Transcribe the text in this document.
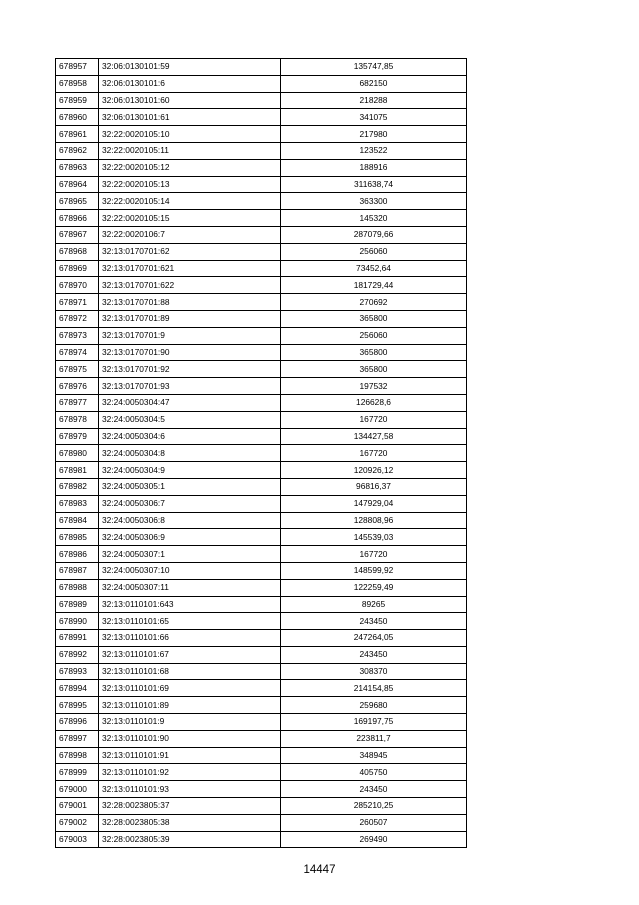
678957	32:06:0130101:59	135747,85
678958	32:06:0130101:6	682150
678959	32:06:0130101:60	218288
678960	32:06:0130101:61	341075
678961	32:22:0020105:10	217980
678962	32:22:0020105:11	123522
678963	32:22:0020105:12	188916
678964	32:22:0020105:13	311638,74
678965	32:22:0020105:14	363300
678966	32:22:0020105:15	145320
678967	32:22:0020106:7	287079,66
678968	32:13:0170701:62	256060
678969	32:13:0170701:621	73452,64
678970	32:13:0170701:622	181729,44
678971	32:13:0170701:88	270692
678972	32:13:0170701:89	365800
678973	32:13:0170701:9	256060
678974	32:13:0170701:90	365800
678975	32:13:0170701:92	365800
678976	32:13:0170701:93	197532
678977	32:24:0050304:47	126628,6
678978	32:24:0050304:5	167720
678979	32:24:0050304:6	134427,58
678980	32:24:0050304:8	167720
678981	32:24:0050304:9	120926,12
678982	32:24:0050305:1	96816,37
678983	32:24:0050306:7	147929,04
678984	32:24:0050306:8	128808,96
678985	32:24:0050306:9	145539,03
678986	32:24:0050307:1	167720
678987	32:24:0050307:10	148599,92
678988	32:24:0050307:11	122259,49
678989	32:13:0110101:643	89265
678990	32:13:0110101:65	243450
678991	32:13:0110101:66	247264,05
678992	32:13:0110101:67	243450
678993	32:13:0110101:68	308370
678994	32:13:0110101:69	214154,85
678995	32:13:0110101:89	259680
678996	32:13:0110101:9	169197,75
678997	32:13:0110101:90	223811,7
678998	32:13:0110101:91	348945
678999	32:13:0110101:92	405750
679000	32:13:0110101:93	243450
679001	32:28:0023805:37	285210,25
679002	32:28:0023805:38	260507
679003	32:28:0023805:39	269490
14447
